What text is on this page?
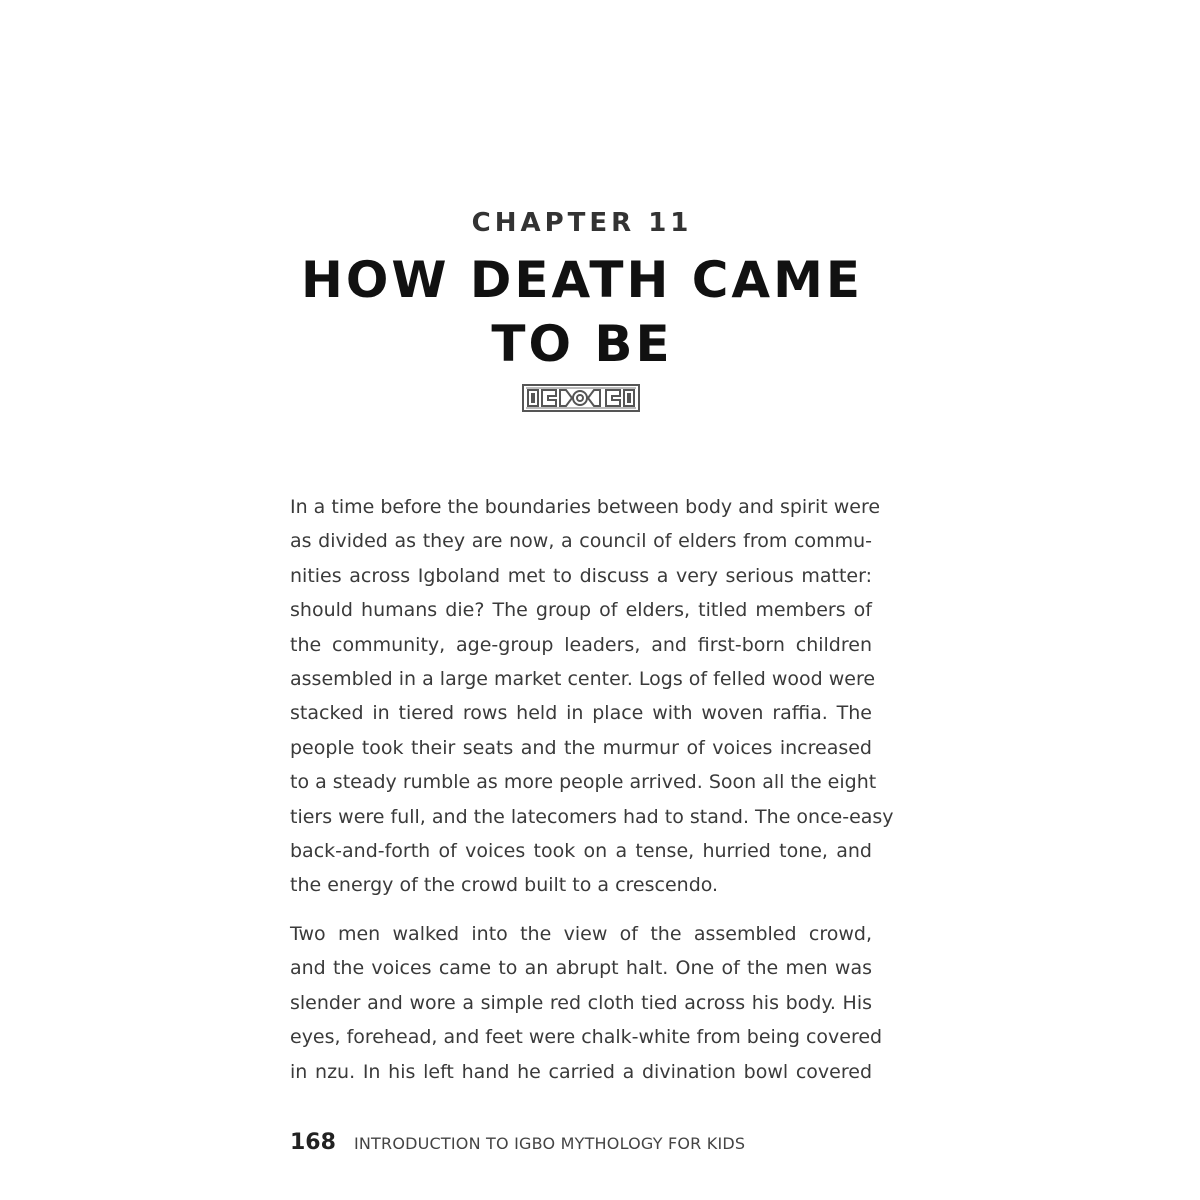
CHAPTER 11
HOW DEATH CAME
TO BE

In a time before the boundaries between body and spirit were
as divided as they are now, a council of elders from commu-
nities across Igboland met to discuss a very serious matter:
should humans die? The group of elders, titled members of
the community, age-group leaders, and first-born children
assembled in a large market center. Logs of felled wood were
stacked in tiered rows held in place with woven raffia. The
people took their seats and the murmur of voices increased
to a steady rumble as more people arrived. Soon all the eight
tiers were full, and the latecomers had to stand. The once-easy
back-and-forth of voices took on a tense, hurried tone, and
the energy of the crowd built to a crescendo.

Two men walked into the view of the assembled crowd,
and the voices came to an abrupt halt. One of the men was
slender and wore a simple red cloth tied across his body. His
eyes, forehead, and feet were chalk-white from being covered
in nzu. In his left hand he carried a divination bowl covered

168 INTRODUCTION TO IGBO MYTHOLOGY FOR KIDS
